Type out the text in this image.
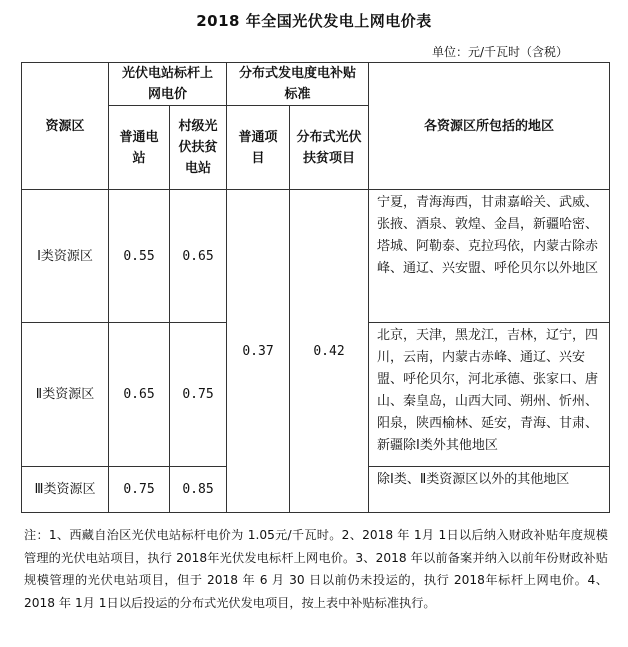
2018 年全国光伏发电上网电价表
单位：元/千瓦时（含税）
资源区	光伏电站标杆上网电价		分布式发电度电补贴标准		各资源区所包括的地区
	普通电站	村级光伏扶贫电站	普通项目	分布式光伏扶贫项目	
Ⅰ类资源区	0.55	0.65	0.37	0.42	宁夏，青海海西，甘肃嘉峪关、武威、张掖、酒泉、敦煌、金昌，新疆哈密、塔城、阿勒泰、克拉玛依，内蒙古除赤峰、通辽、兴安盟、呼伦贝尔以外地区
Ⅱ类资源区	0.65	0.75			北京，天津，黑龙江，吉林，辽宁，四川，云南，内蒙古赤峰、通辽、兴安盟、呼伦贝尔，河北承德、张家口、唐山、秦皇岛，山西大同、朔州、忻州、阳泉，陕西榆林、延安，青海、甘肃、新疆除Ⅰ类外其他地区
Ⅲ类资源区	0.75	0.85			除Ⅰ类、Ⅱ类资源区以外的其他地区
注：1、西藏自治区光伏电站标杆电价为 1.05元/千瓦时。2、2018 年 1月 1日以后纳入财政补贴年度规模管理的光伏电站项目，执行 2018年光伏发电标杆上网电价。3、2018 年以前备案并纳入以前年份财政补贴规模管理的光伏电站项目，但于 2018 年 6 月 30 日以前仍未投运的，执行 2018年标杆上网电价。4、2018 年 1月 1日以后投运的分布式光伏发电项目，按上表中补贴标准执行。
